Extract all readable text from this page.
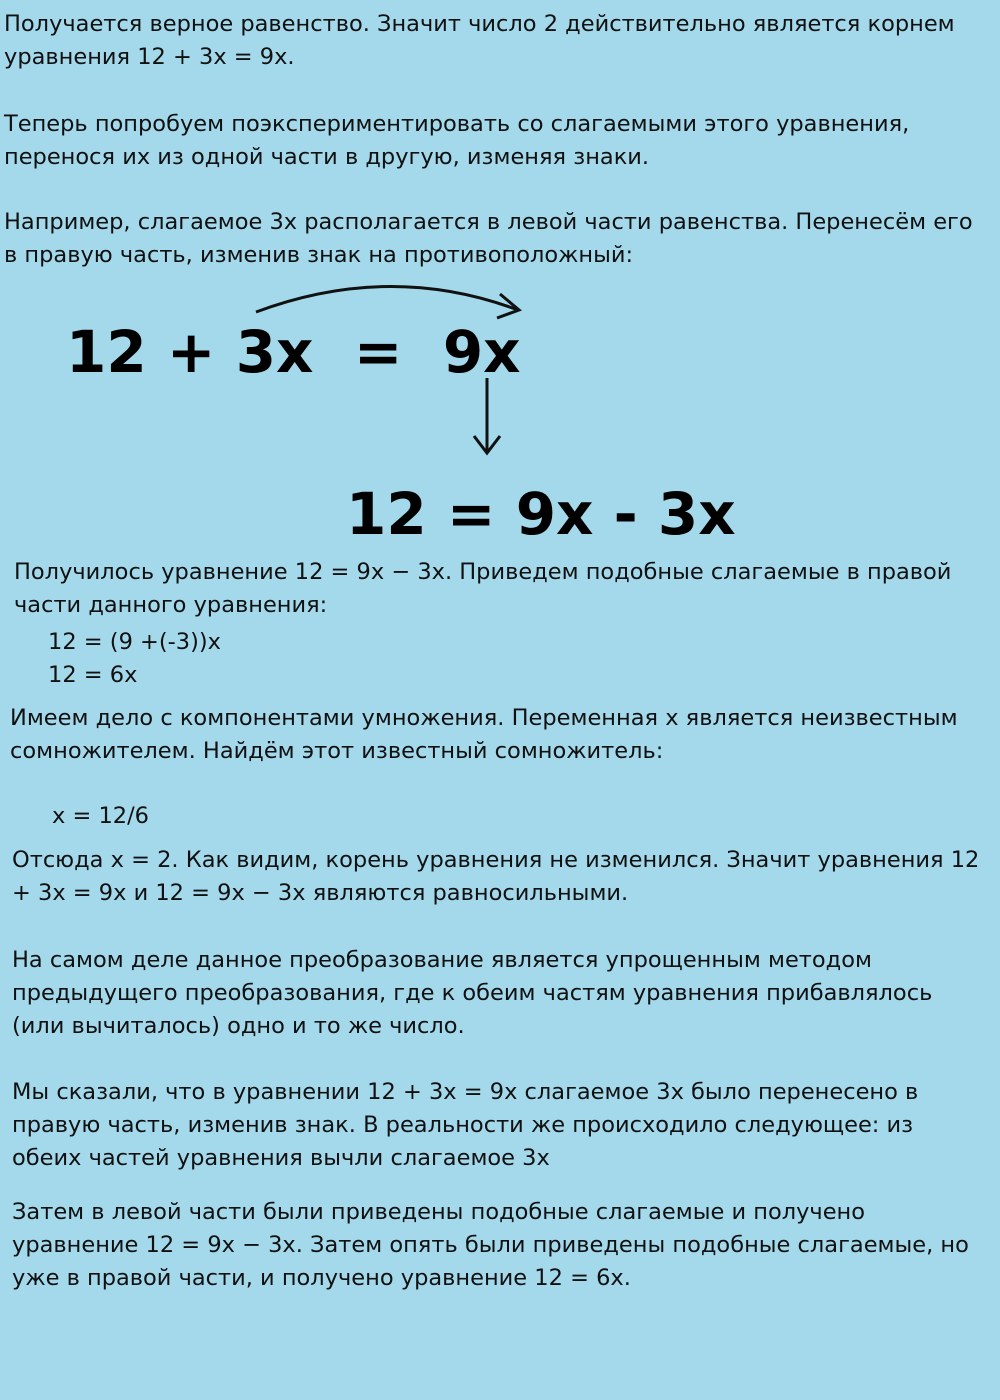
Получается верное равенство. Значит число 2 действительно является корнем уравнения 12 + 3x = 9x.

Теперь попробуем поэкспериментировать со слагаемыми этого уравнения, перенося их из одной части в другую, изменяя знаки.

Например, слагаемое 3x располагается в левой части равенства. Перенесём его в правую часть, изменив знак на противоположный:

12 + 3x  =  9x
12 = 9x - 3x

Получилось уравнение 12 = 9x − 3x. Приведем подобные слагаемые в правой части данного уравнения:

12 = (9 +(-3))x

12 = 6x

Имеем дело с компонентами умножения. Переменная x является неизвестным сомножителем. Найдём этот известный сомножитель:

x = 12/6

Отсюда x = 2. Как видим, корень уравнения не изменился. Значит уравнения 12 + 3x = 9x и 12 = 9x − 3x являются равносильными.

На самом деле данное преобразование является упрощенным методом предыдущего преобразования, где к обеим частям уравнения прибавлялось (или вычиталось) одно и то же число.

Мы сказали, что в уравнении 12 + 3x = 9x слагаемое 3x было перенесено в правую часть, изменив знак. В реальности же происходило следующее: из обеих частей уравнения вычли слагаемое 3x

Затем в левой части были приведены подобные слагаемые и получено уравнение 12 = 9x − 3x. Затем опять были приведены подобные слагаемые, но уже в правой части, и получено уравнение 12 = 6x.
